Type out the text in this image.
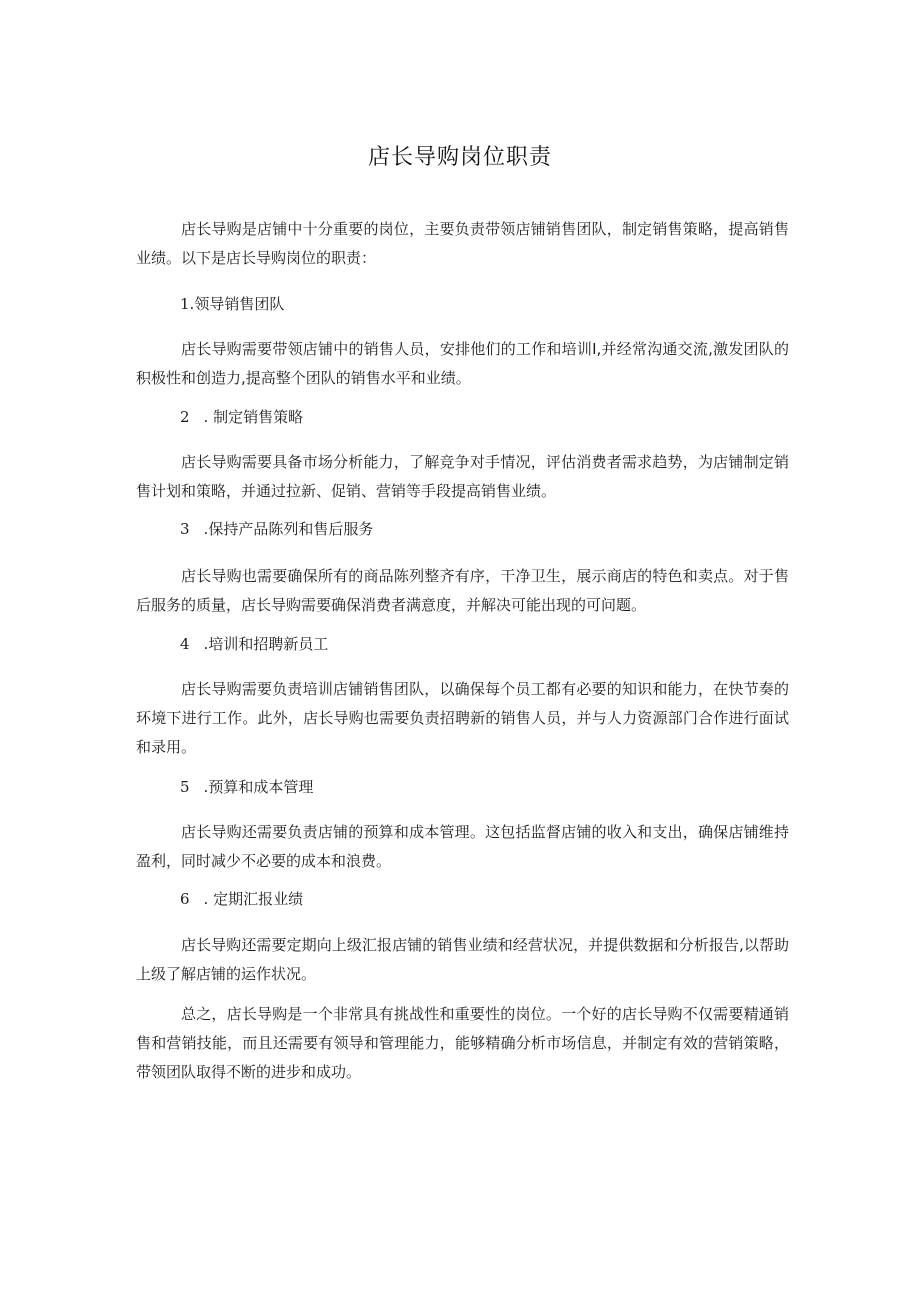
店长导购岗位职责

店长导购是店铺中十分重要的岗位，主要负责带领店铺销售团队，制定销售策略，提高销售业绩。以下是店长导购岗位的职责：

1.领导销售团队

店长导购需要带领店铺中的销售人员，安排他们的工作和培训I,并经常沟通交流,激发团队的积极性和创造力,提高整个团队的销售水平和业绩。

2 . 制定销售策略

店长导购需要具备市场分析能力，了解竞争对手情况，评估消费者需求趋势，为店铺制定销售计划和策略，并通过拉新、促销、营销等手段提高销售业绩。

3 .保持产品陈列和售后服务

店长导购也需要确保所有的商品陈列整齐有序，干净卫生，展示商店的特色和卖点。对于售后服务的质量，店长导购需要确保消费者满意度，并解决可能出现的可问题。

4 .培训和招聘新员工

店长导购需要负责培训店铺销售团队，以确保每个员工都有必要的知识和能力，在快节奏的环境下进行工作。此外，店长导购也需要负责招聘新的销售人员，并与人力资源部门合作进行面试和录用。

5 .预算和成本管理

店长导购还需要负责店铺的预算和成本管理。这包括监督店铺的收入和支出，确保店铺维持盈利，同时减少不必要的成本和浪费。

6 . 定期汇报业绩

店长导购还需要定期向上级汇报店铺的销售业绩和经营状况，并提供数据和分析报告,以帮助上级了解店铺的运作状况。

总之，店长导购是一个非常具有挑战性和重要性的岗位。一个好的店长导购不仅需要精通销售和营销技能，而且还需要有领导和管理能力，能够精确分析市场信息，并制定有效的营销策略，带领团队取得不断的进步和成功。
